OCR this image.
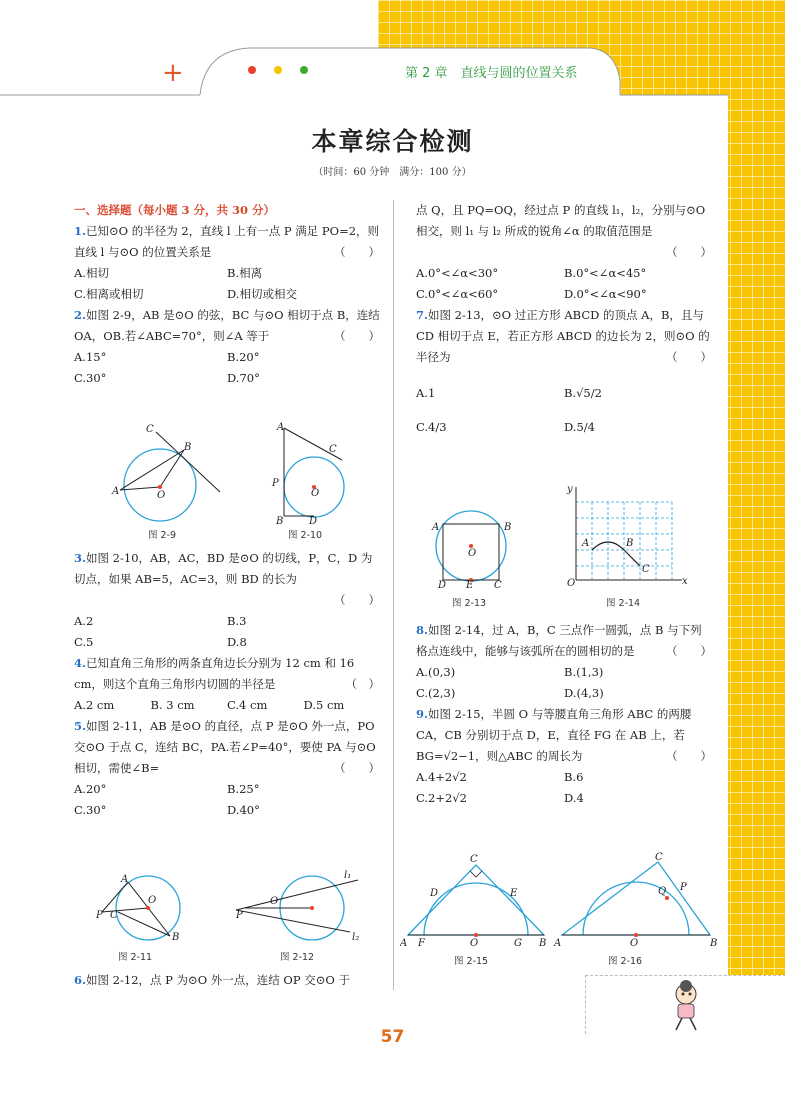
+	第 2 章　直线与圆的位置关系
本章综合检测
（时间：60 分钟　满分：100 分）

一、选择题（每小题 3 分，共 30 分）

1.已知⊙O 的半径为 2，直线 l 上有一点 P 满足 PO=2，则直线 l 与⊙O 的位置关系是	（　　）

A.相切	B.相离
C.相离或相切	D.相切或相交

2.如图 2-9，AB 是⊙O 的弦，BC 与⊙O 相切于点 B，连结 OA，OB.若∠ABC=70°，则∠A 等于	（　　）

A.15°	B.20°
C.30°	D.70°
A	O
B
C
图 2-9
A
C
P
O
B	D
图 2-10

3.如图 2-10，AB，AC，BD 是⊙O 的切线，P，C，D 为切点，如果 AB=5，AC=3，则 BD 的长为

（　　）

A.2	B.3
C.5	D.8

4.已知直角三角形的两条直角边长分别为 12 cm 和 16 cm，则这个直角三角形内切圆的半径是	（　）

A.2 cm	B. 3 cm	C.4 cm	D.5 cm

5.如图 2-11，AB 是⊙O 的直径，点 P 是⊙O 外一点，PO 交⊙O 于点 C，连结 BC，PA.若∠P=40°，要使 PA 与⊙O 相切，需使∠B=	（　　）

A.20°	B.25°
C.30°	D.40°
A
O
P C
B
图 2-11
P
O
l₁
l₂
图 2-12

6.如图 2-12，点 P 为⊙O 外一点，连结 OP 交⊙O 于

点 Q，且 PQ=OQ，经过点 P 的直线 l₁，l₂，分别与⊙O 相交，则 l₁ 与 l₂ 所成的锐角∠α 的取值范围是

（　　）

A.0°<∠α<30°	B.0°<∠α<45°
C.0°<∠α<60°	D.0°<∠α<90°

7.如图 2-13，⊙O 过正方形 ABCD 的顶点 A，B，且与 CD 相切于点 E，若正方形 ABCD 的边长为 2，则⊙O 的半径为	（　　）

A.1	B.√5/2
C.4/3	D.5/4
A	B
O
D E C
图 2-13
y
x
O
A	B
C
图 2-14

8.如图 2-14，过 A，B，C 三点作一圆弧，点 B 与下列格点连线中，能够与该弧所在的圆相切的是	（　　）

A.(0,3)	B.(1,3)
C.(2,3)	D.(4,3)

9.如图 2-15，半圆 O 与等腰直角三角形 ABC 的两腰 CA，CB 分别切于点 D，E，直径 FG 在 AB 上，若 BG=√2−1，则△ABC 的周长为	（　　）

A.4+2√2	B.6
C.2+2√2	D.4
C
D	E
A F	O	G B
图 2-15
C
Q P
A	O	B
图 2-16
57
